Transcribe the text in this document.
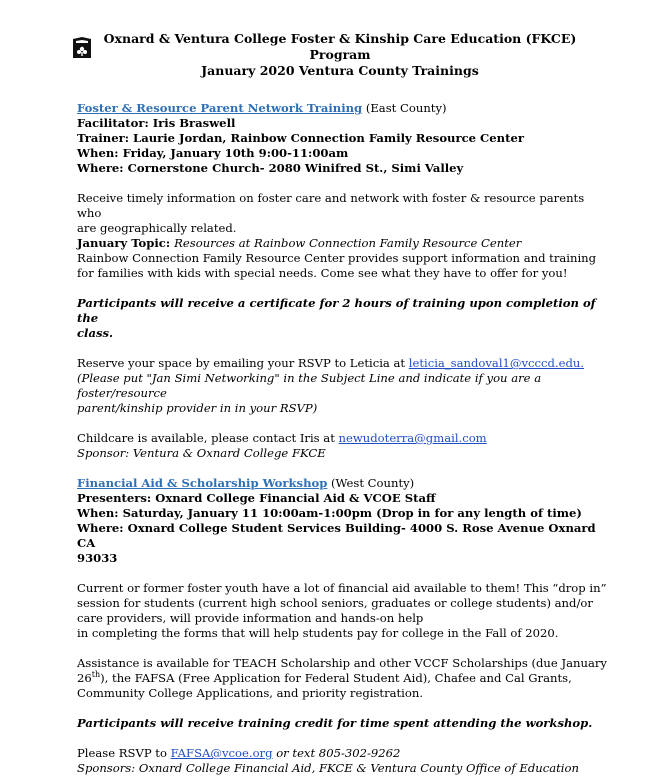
Oxnard & Ventura College Foster & Kinship Care Education (FKCE) Program
January 2020 Ventura County Trainings

Foster & Resource Parent Network Training (East County)

Facilitator: Iris Braswell

Trainer: Laurie Jordan, Rainbow Connection Family Resource Center

When: Friday, January 10th 9:00-11:00am

Where: Cornerstone Church- 2080 Winifred St., Simi Valley

Receive timely information on foster care and network with foster & resource parents who

are geographically related.

January Topic: Resources at Rainbow Connection Family Resource Center

Rainbow Connection Family Resource Center provides support information and training

for families with kids with special needs. Come see what they have to offer for you!

Participants will receive a certificate for 2 hours of training upon completion of the

class.

Reserve your space by emailing your RSVP to Leticia at leticia_sandoval1@vcccd.edu.

(Please put "Jan Simi Networking" in the Subject Line and indicate if you are a foster/resource

parent/kinship provider in in your RSVP)

Childcare is available, please contact Iris at newudoterra@gmail.com

Sponsor: Ventura & Oxnard College FKCE

Financial Aid & Scholarship Workshop (West County)

Presenters: Oxnard College Financial Aid & VCOE Staff

When: Saturday, January 11 10:00am-1:00pm (Drop in for any length of time)

Where: Oxnard College Student Services Building- 4000 S. Rose Avenue Oxnard CA

93033

Current or former foster youth have a lot of financial aid available to them! This “drop in”

session for students (current high school seniors, graduates or college students) and/or

care providers, will provide information and hands-on help

in completing the forms that will help students pay for college in the Fall of 2020.

Assistance is available for TEACH Scholarship and other VCCF Scholarships (due January

26th), the FAFSA (Free Application for Federal Student Aid), Chafee and Cal Grants,

Community College Applications, and priority registration.

Participants will receive training credit for time spent attending the workshop.

Please RSVP to FAFSA@vcoe.org or text 805-302-9262

Sponsors: Oxnard College Financial Aid, FKCE & Ventura County Office of Education
